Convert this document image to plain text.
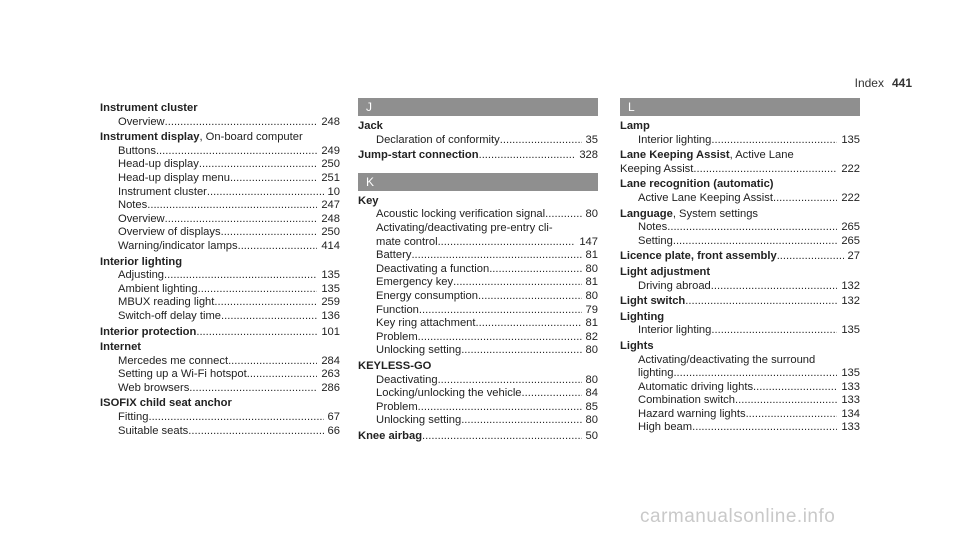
Index 441
Instrument cluster
Overview .....	248
Instrument display, On-board computer
Buttons .....	249
Head-up display .....	250
Head-up display menu .....	251
Instrument cluster .....	10
Notes .....	247
Overview .....	248
Overview of displays .....	250
Warning/indicator lamps .....	414
Interior lighting
Adjusting .....	135
Ambient lighting .....	135
MBUX reading light .....	259
Switch-off delay time .....	136
Interior protection .....	101
Internet
Mercedes me connect .....	284
Setting up a Wi-Fi hotspot .....	263
Web browsers .....	286
ISOFIX child seat anchor
Fitting .....	67
Suitable seats .....	66
J
Jack
Declaration of conformity .....	35
Jump-start connection .....	328
K
Key
Acoustic locking verification signal .....	80
Activating/deactivating pre-entry cli-
mate control .....	147
Battery .....	81
Deactivating a function .....	80
Emergency key .....	81
Energy consumption .....	80
Function .....	79
Key ring attachment .....	81
Problem .....	82
Unlocking setting .....	80
KEYLESS-GO
Deactivating .....	80
Locking/unlocking the vehicle .....	84
Problem .....	85
Unlocking setting .....	80
Knee airbag .....	50
L
Lamp
Interior lighting .....	135
Lane Keeping Assist, Active Lane
Keeping Assist .....	222
Lane recognition (automatic)
Active Lane Keeping Assist .....	222
Language, System settings
Notes .....	265
Setting .....	265
Licence plate, front assembly .....	27
Light adjustment
Driving abroad .....	132
Light switch .....	132
Lighting
Interior lighting .....	135
Lights
Activating/deactivating the surround
lighting .....	135
Automatic driving lights .....	133
Combination switch .....	133
Hazard warning lights .....	134
High beam .....	133
carmanualsonline.info
